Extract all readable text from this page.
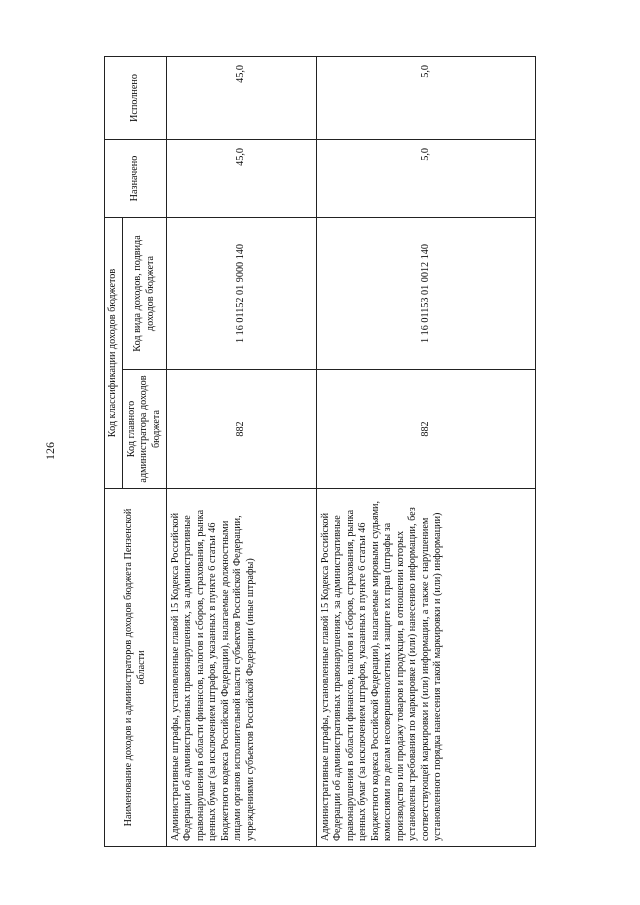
126
Наименование доходов и администраторов доходов бюджета Пензенской области	Код классификации доходов бюджетов		Назначено	Исполнено
	Код главного администратора доходов бюджета	Код вида доходов, подвида доходов бюджета		
Административные штрафы, установленные главой 15 Кодекса Российской Федерации об административных правонарушениях, за административные правонарушения в области финансов, налогов и сборов, страхования, рынка ценных бумаг (за исключением штрафов, указанных в пункте 6 статьи 46 Бюджетного кодекса Российской Федерации), налагаемые должностными лицами органов исполнительной власти субъектов Российской Федерации, учреждениями субъектов Российской Федерации (иные штрафы)	882	1 16 01152 01 9000 140	45,0	45,0
Административные штрафы, установленные главой 15 Кодекса Российской Федерации об административных правонарушениях, за административные правонарушения в области финансов, налогов и сборов, страхования, рынка ценных бумаг (за исключением штрафов, указанных в пункте 6 статьи 46 Бюджетного кодекса Российской Федерации), налагаемые мировыми судьями, комиссиями по делам несовершеннолетних и защите их прав (штрафы за производство или продажу товаров и продукции, в отношении которых установлены требования по маркировке и (или) нанесению информации, без соответствующей маркировки и (или) информации, а также с нарушением установленного порядка нанесения такой маркировки и (или) информации)	882	1 16 01153 01 0012 140	5,0	5,0
